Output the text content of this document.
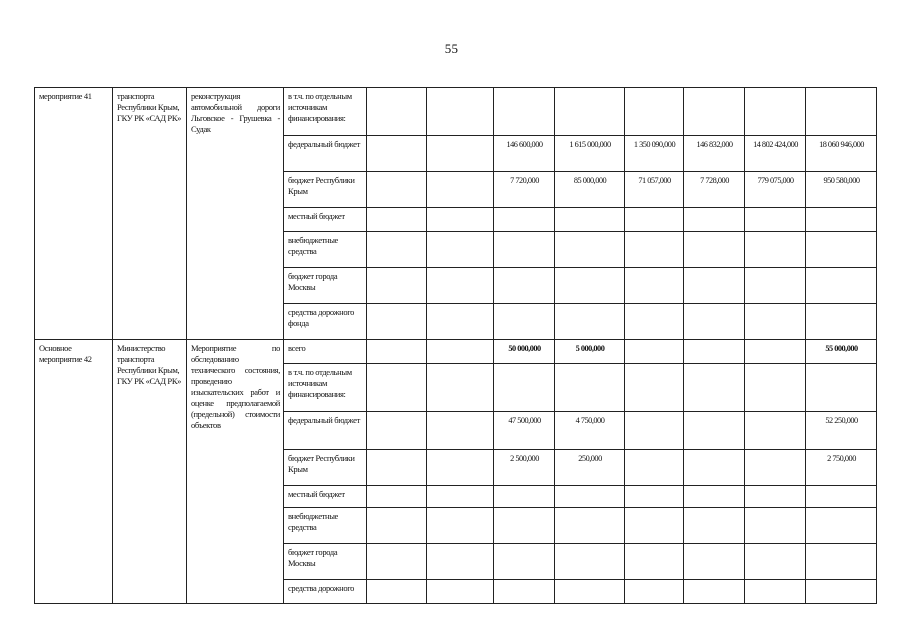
55
мероприятие 41	транспорта Республики Крым, ГКУ РК «САД РК»	реконструкция автомобильной дороги Льговское - Грушевка - Судак	в т.ч. по отдельным источникам финансирования:								
			федеральный бюджет			146 600,000	1 615 000,000	1 350 090,000	146 832,000	14 802 424,000	18 060 946,000
			бюджет Республики Крым			7 720,000	85 000,000	71 057,000	7 728,000	779 075,000	950 580,000
			местный бюджет								
			внебюджетные средства								
			бюджет города Москвы								
			средства дорожного фонда								
Основное мероприятие 42	Министерство транспорта Республики Крым, ГКУ РК «САД РК»	Мероприятие по обследованию технического состояния, проведению изыскательских работ и оценке предполагаемой (предельной) стоимости объектов	всего			50 000,000	5 000,000				55 000,000
			в т.ч. по отдельным источникам финансирования:								
			федеральный бюджет			47 500,000	4 750,000				52 250,000
			бюджет Республики Крым			2 500,000	250,000				2 750,000
			местный бюджет								
			внебюджетные средства								
			бюджет города Москвы								
			средства дорожного								
